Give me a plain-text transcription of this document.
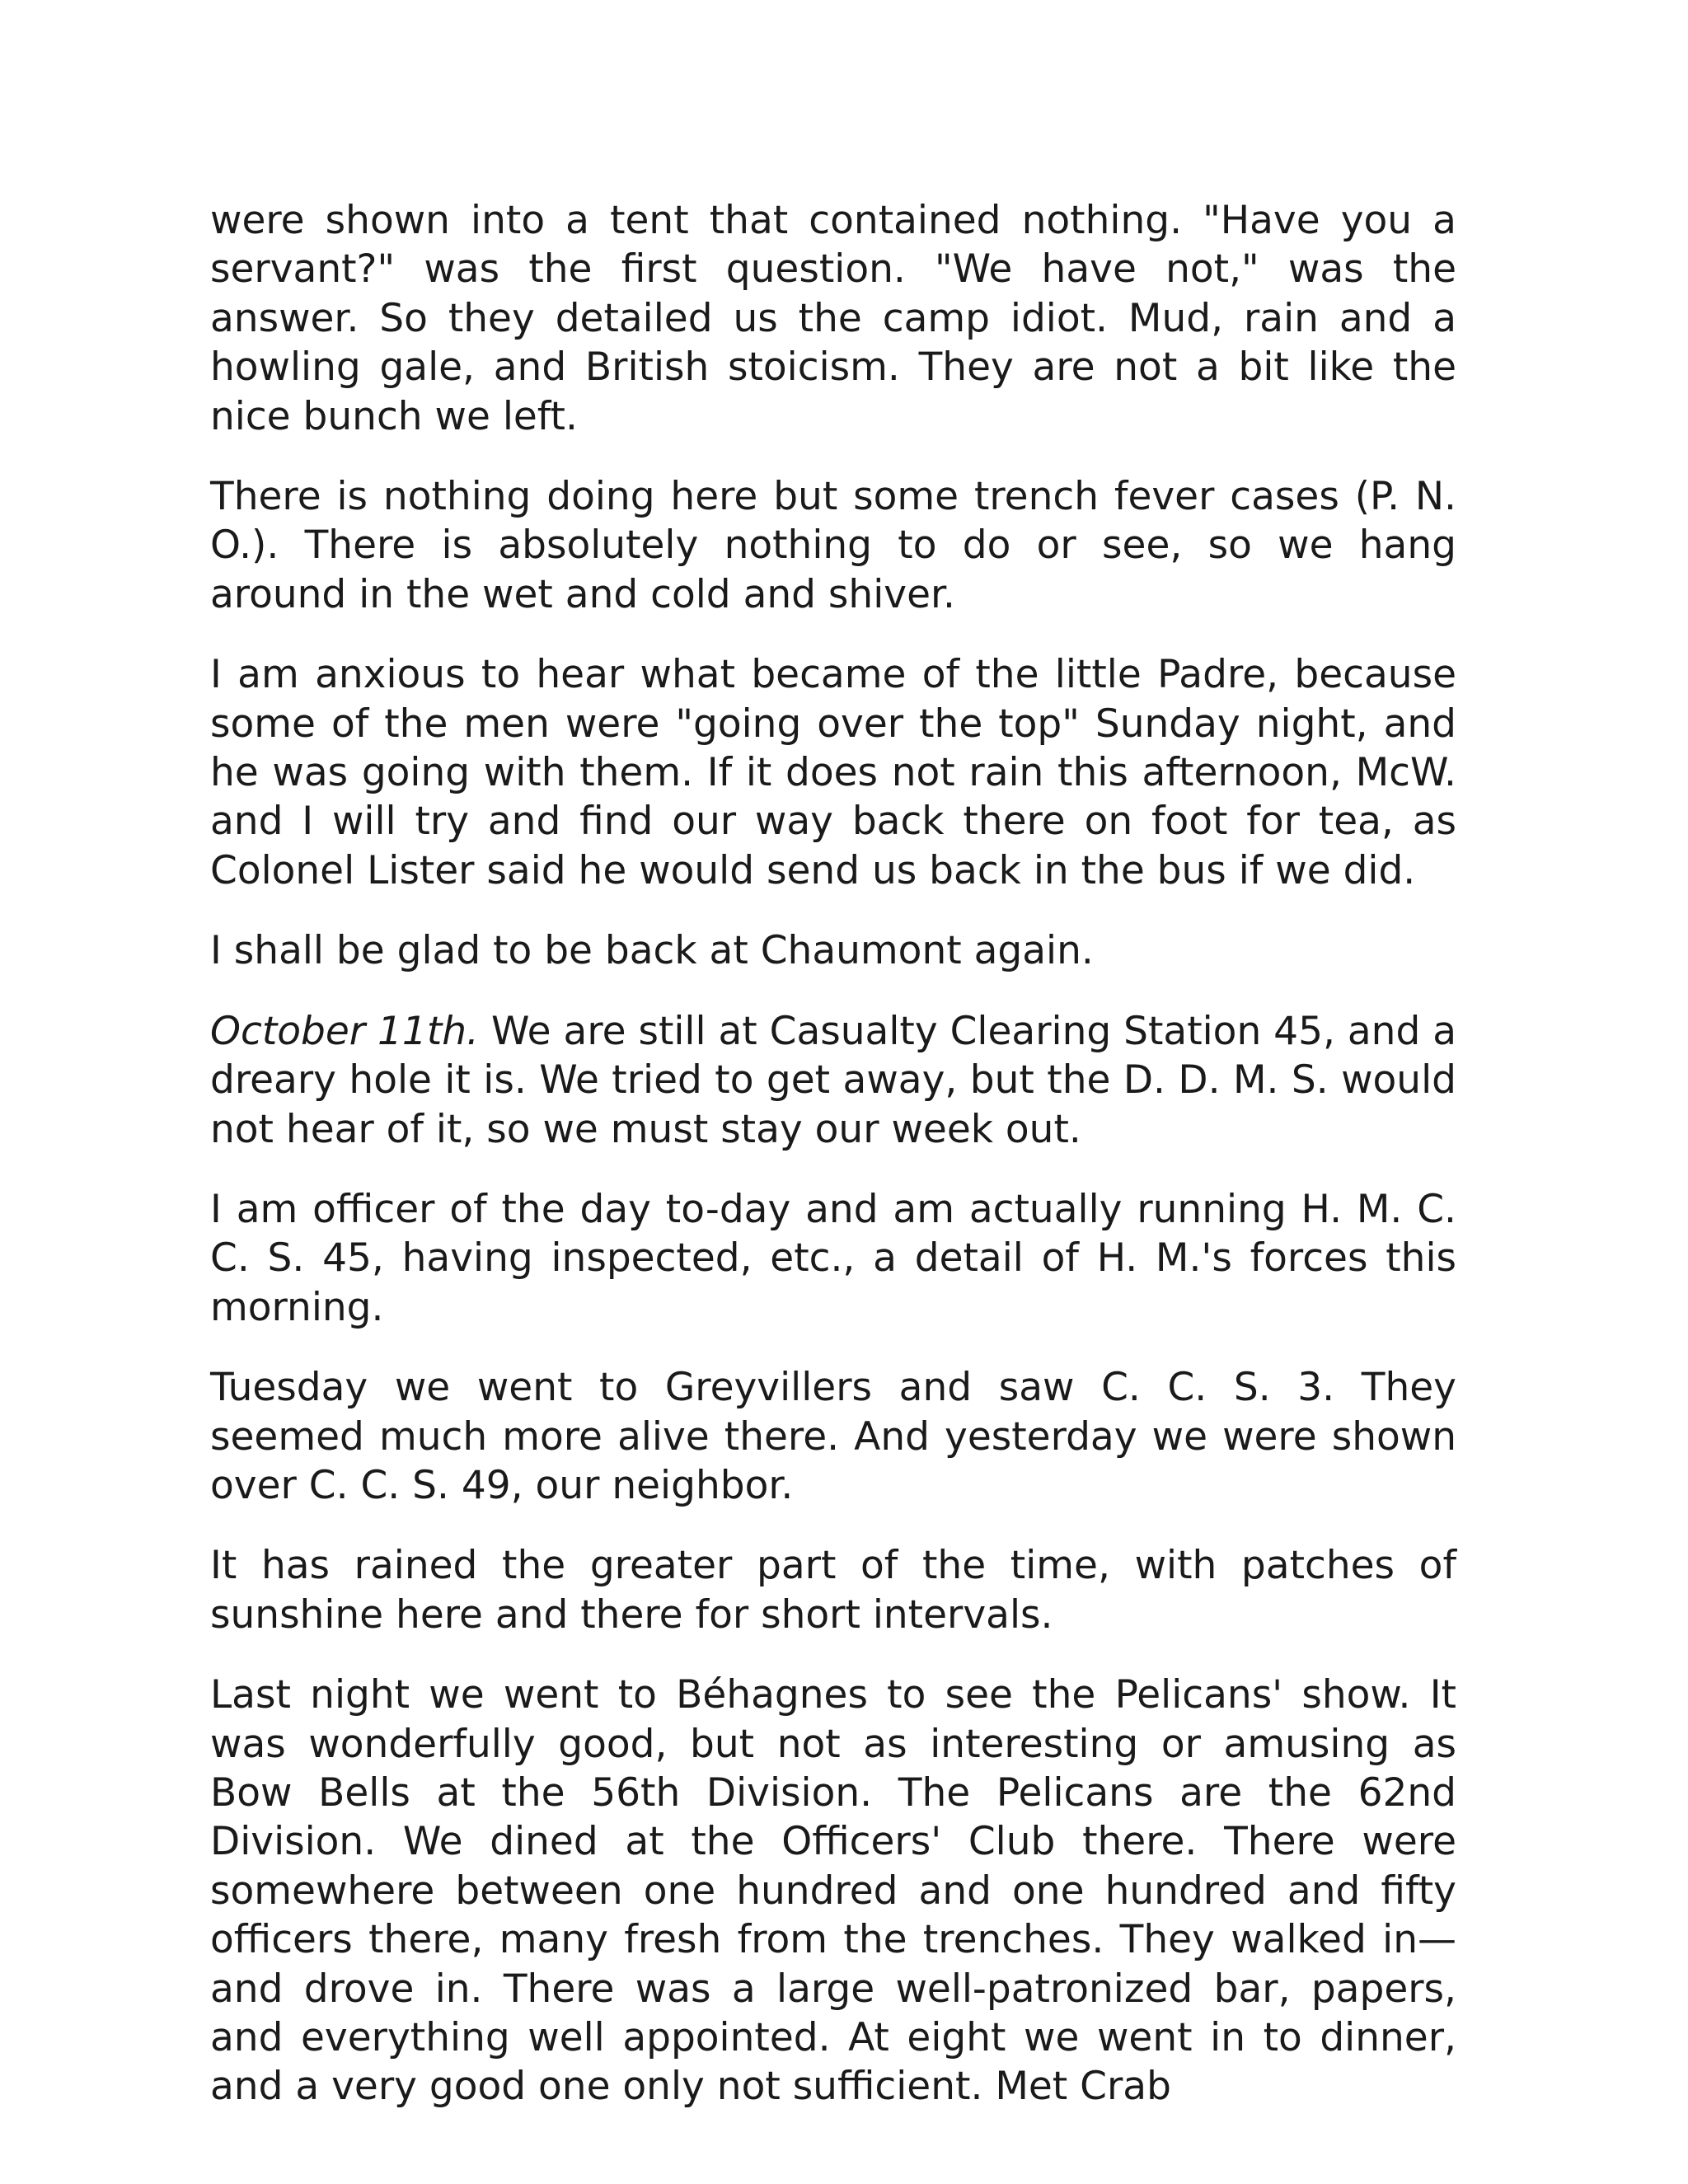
were shown into a tent that contained nothing. "Have you a servant?" was the first question. "We have not," was the answer. So they detailed us the camp idiot. Mud, rain and a howling gale, and British stoicism. They are not a bit like the nice bunch we left.

There is nothing doing here but some trench fever cases (P. N. O.). There is absolutely nothing to do or see, so we hang around in the wet and cold and shiver.

I am anxious to hear what became of the little Padre, because some of the men were "going over the top" Sunday night, and he was going with them. If it does not rain this afternoon, McW. and I will try and find our way back there on foot for tea, as Colonel Lister said he would send us back in the bus if we did.

I shall be glad to be back at Chaumont again.

October 11th. We are still at Casualty Clearing Station 45, and a dreary hole it is. We tried to get away, but the D. D. M. S. would not hear of it, so we must stay our week out.

I am officer of the day to-day and am actually running H. M. C. C. S. 45, having inspected, etc., a detail of H. M.'s forces this morning.

Tuesday we went to Greyvillers and saw C. C. S. 3. They seemed much more alive there. And yesterday we were shown over C. C. S. 49, our neighbor.

It has rained the greater part of the time, with patches of sunshine here and there for short intervals.

Last night we went to Béhagnes to see the Pelicans' show. It was wonderfully good, but not as interesting or amusing as Bow Bells at the 56th Division. The Pelicans are the 62nd Division. We dined at the Officers' Club there. There were somewhere between one hundred and one hundred and fifty officers there, many fresh from the trenches. They walked in—and drove in. There was a large well-patronized bar, papers, and everything well appointed. At eight we went in to dinner, and a very good one only not sufficient. Met Crab
